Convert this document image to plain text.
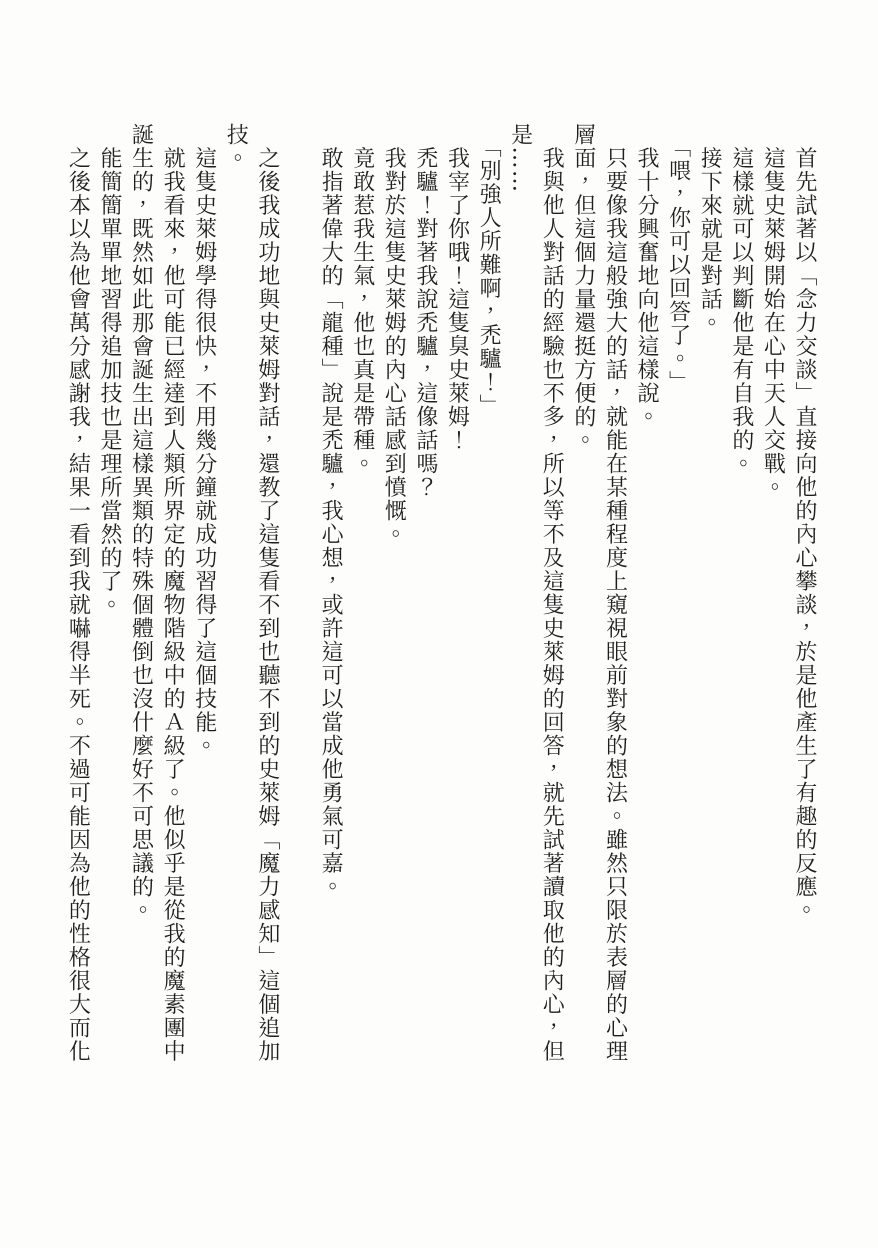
　首先試著以「念力交談」直接向他的內心攀談，於是他產生了有趣的反應。

　這隻史萊姆開始在心中天人交戰。

　這樣就可以判斷他是有自我的。

　接下來就是對話。

　「喂，你可以回答了。」

　我十分興奮地向他這樣說。

　只要像我這般強大的話，就能在某種程度上窺視眼前對象的想法。雖然只限於表層的心理

層面，但這個力量還挺方便的。

　我與他人對話的經驗也不多，所以等不及這隻史萊姆的回答，就先試著讀取他的內心，但

是……

　「別強人所難啊，禿驢！」

　我宰了你哦！這隻臭史萊姆！

　禿驢！對著我說禿驢，這像話嗎？

　我對於這隻史萊姆的內心話感到憤慨。

　竟敢惹我生氣，他也真是帶種。

　敢指著偉大的「龍種」說是禿驢，我心想，或許這可以當成他勇氣可嘉。

　之後我成功地與史萊姆對話，還教了這隻看不到也聽不到的史萊姆「魔力感知」這個追加

技。

　這隻史萊姆學得很快，不用幾分鐘就成功習得了這個技能。

　就我看來，他可能已經達到人類所界定的魔物階級中的Ａ級了。他似乎是從我的魔素團中

誕生的，既然如此那會誕生出這樣異類的特殊個體倒也沒什麼好不可思議的。

　能簡簡單單地習得追加技也是理所當然的了。

　之後本以為他會萬分感謝我，結果一看到我就嚇得半死。不過可能因為他的性格很大而化
